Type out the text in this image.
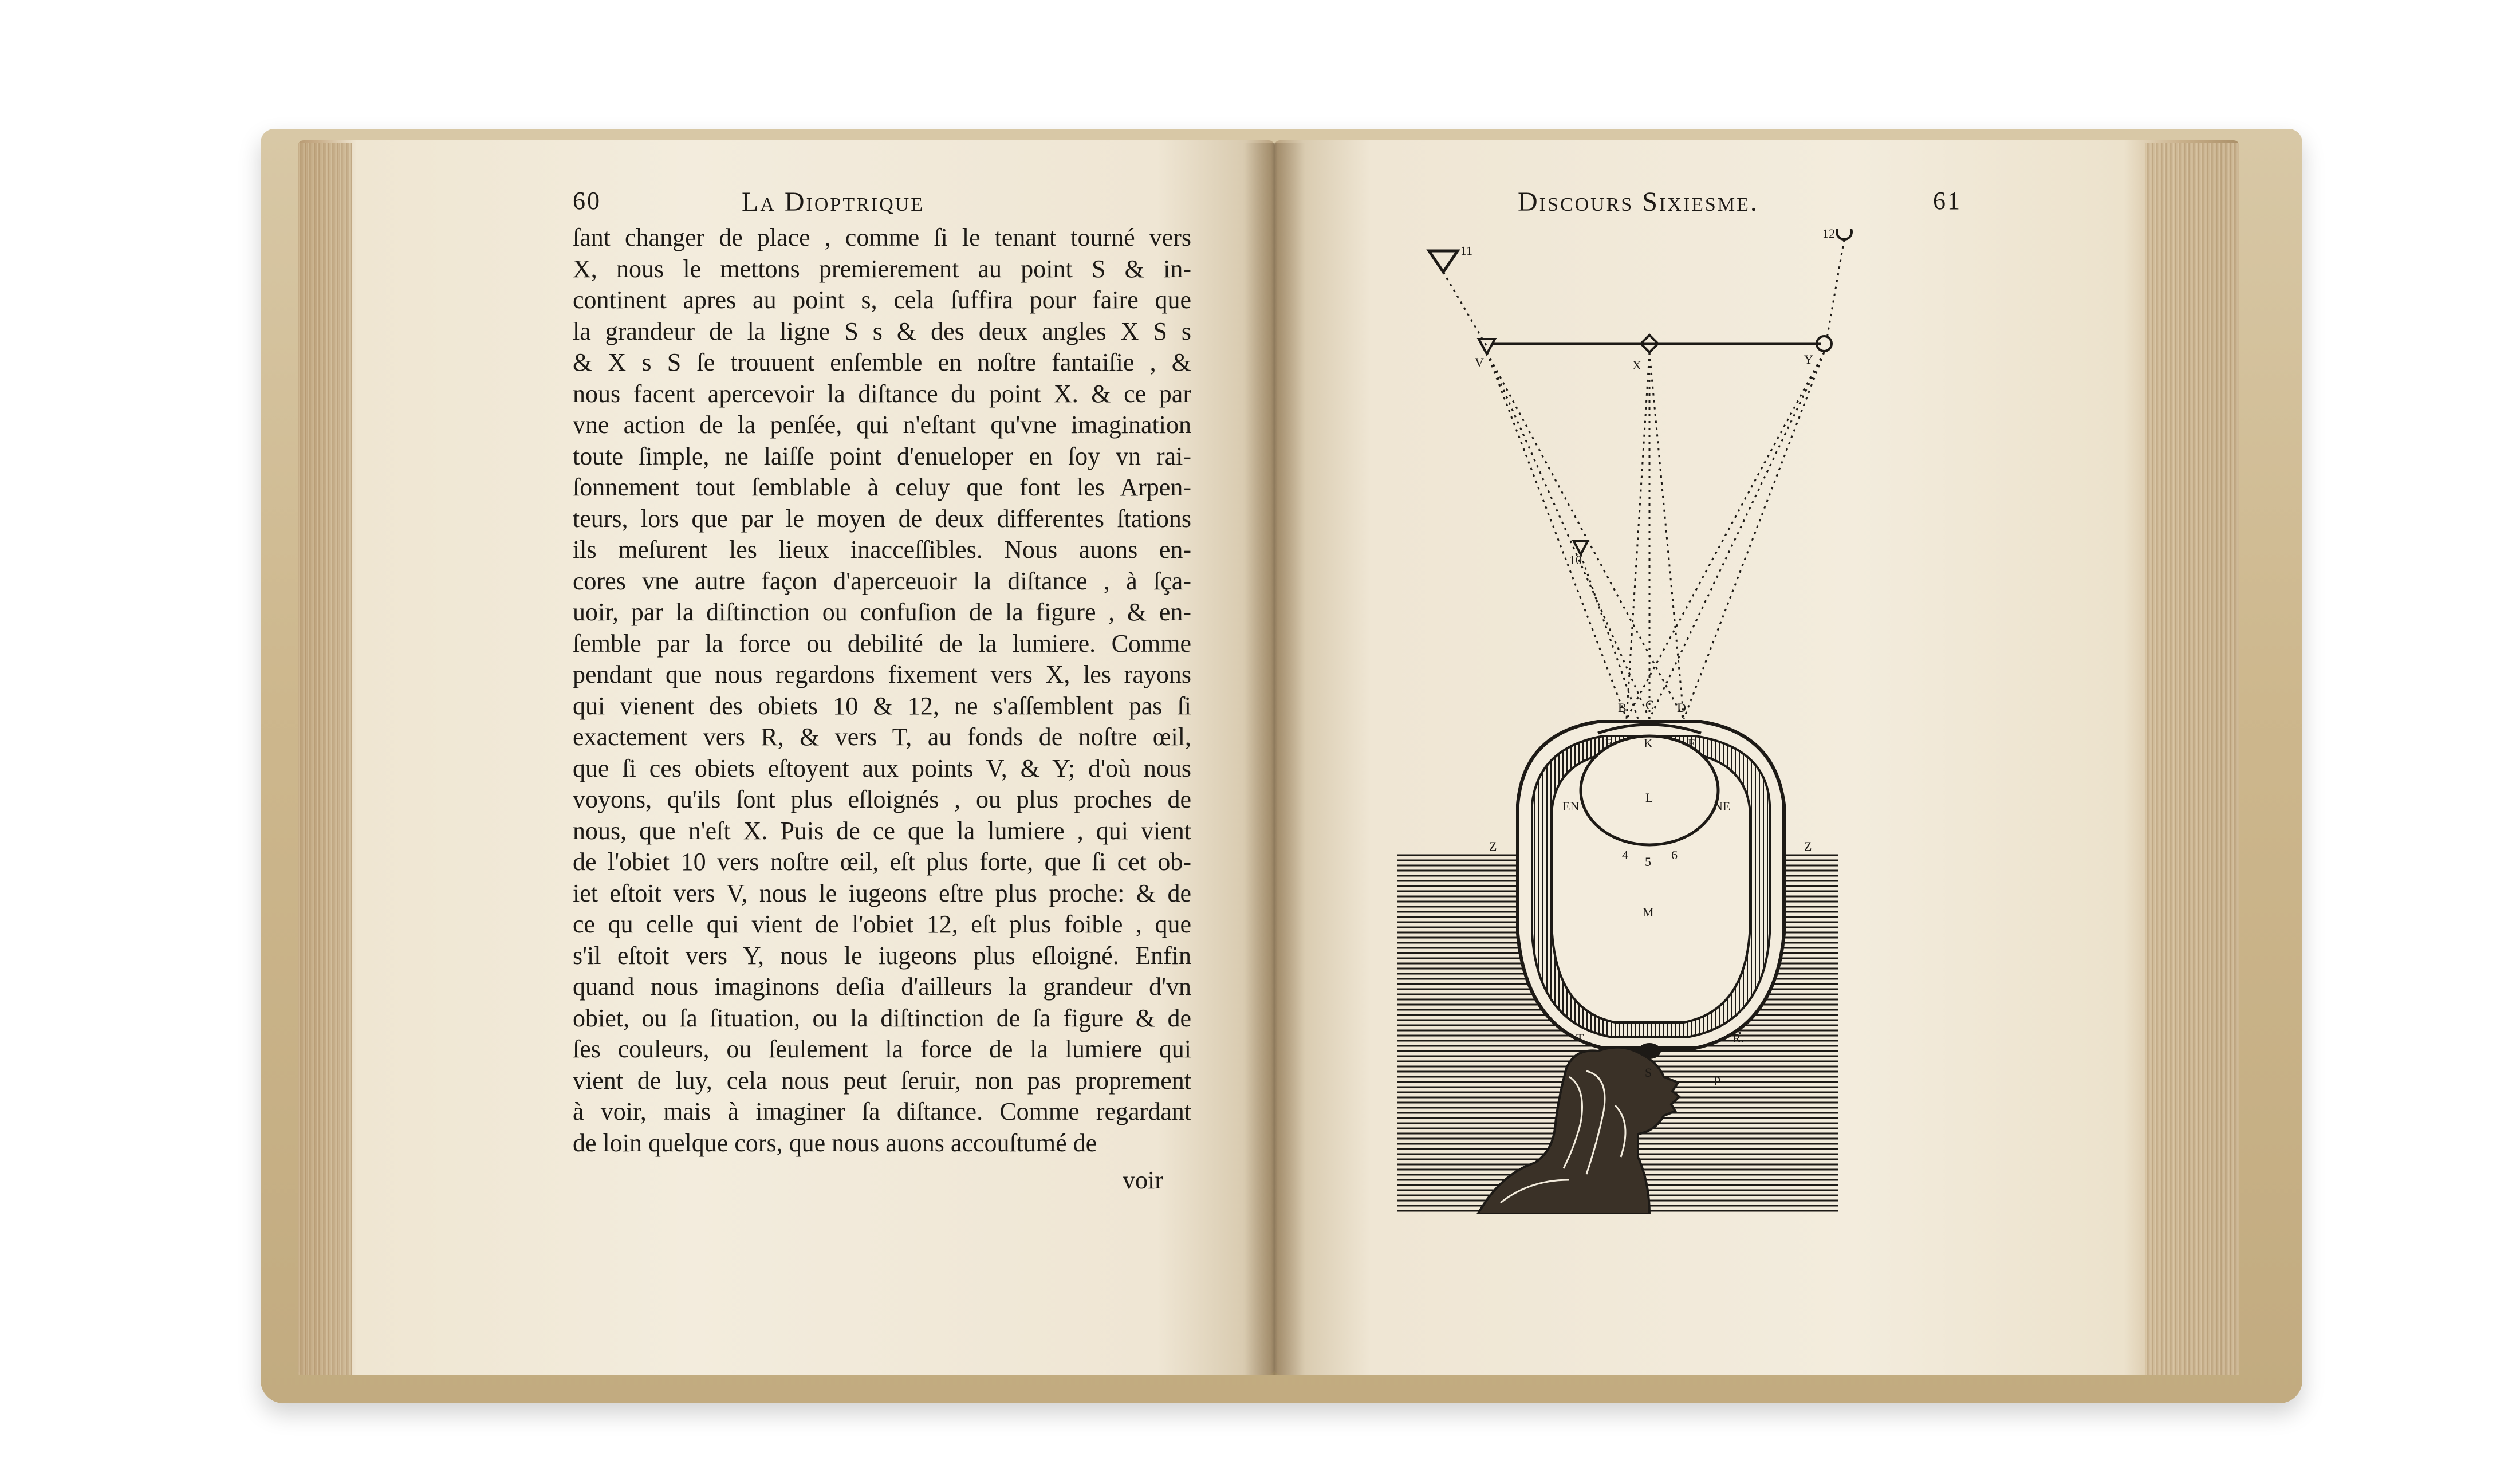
60	La Dioptrique
ſant changer de place , comme ſi le tenant tourné vers
X, nous le mettons premierement au point S & in-
continent apres au point s, cela ſuffira pour faire que
la grandeur de la ligne S s & des deux angles X S s
& X s S ſe trouuent enſemble en noſtre fantaiſie , &
nous facent apercevoir la diſtance du point X. & ce par
vne action de la penſée, qui n'eſtant qu'vne imagination
toute ſimple, ne laiſſe point d'enueloper en ſoy vn rai-
ſonnement tout ſemblable à celuy que font les Arpen-
teurs, lors que par le moyen de deux differentes ſtations
ils meſurent les lieux inacceſſibles. Nous auons en-
cores vne autre façon d'aperceuoir la diſtance , à ſça-
uoir, par la diſtinction ou confuſion de la figure , & en-
ſemble par la force ou debilité de la lumiere. Comme
pendant que nous regardons fixement vers X, les rayons
qui vienent des obiets 10 & 12, ne s'aſſemblent pas ſi
exactement vers R, & vers T, au fonds de noſtre œil,
que ſi ces obiets eſtoyent aux points V, & Y; d'où nous
voyons, qu'ils ſont plus eſloignés , ou plus proches de
nous, que n'eſt X. Puis de ce que la lumiere , qui vient
de l'obiet 10 vers noſtre œil, eſt plus forte, que ſi cet ob-
iet eſtoit vers V, nous le iugeons eſtre plus proche: & de
ce qu celle qui vient de l'obiet 12, eſt plus foible , que
s'il eſtoit vers Y, nous le iugeons plus eſloigné. Enfin
quand nous imaginons deſia d'ailleurs la grandeur d'vn
obiet, ou ſa ſituation, ou la diſtinction de ſa figure & de
ſes couleurs, ou ſeulement la force de la lumiere qui
vient de luy, cela nous peut ſeruir, non pas proprement
à voir, mais à imaginer ſa diſtance. Comme regardant
de loin quelque cors, que nous auons accouſtumé de
voir
Discours Sixiesme.	61
11
12
10
V	X	Y
B C D
F	K	F
L
EN	NE
4 5 6
M
Z	Z
T	R.
S
P
